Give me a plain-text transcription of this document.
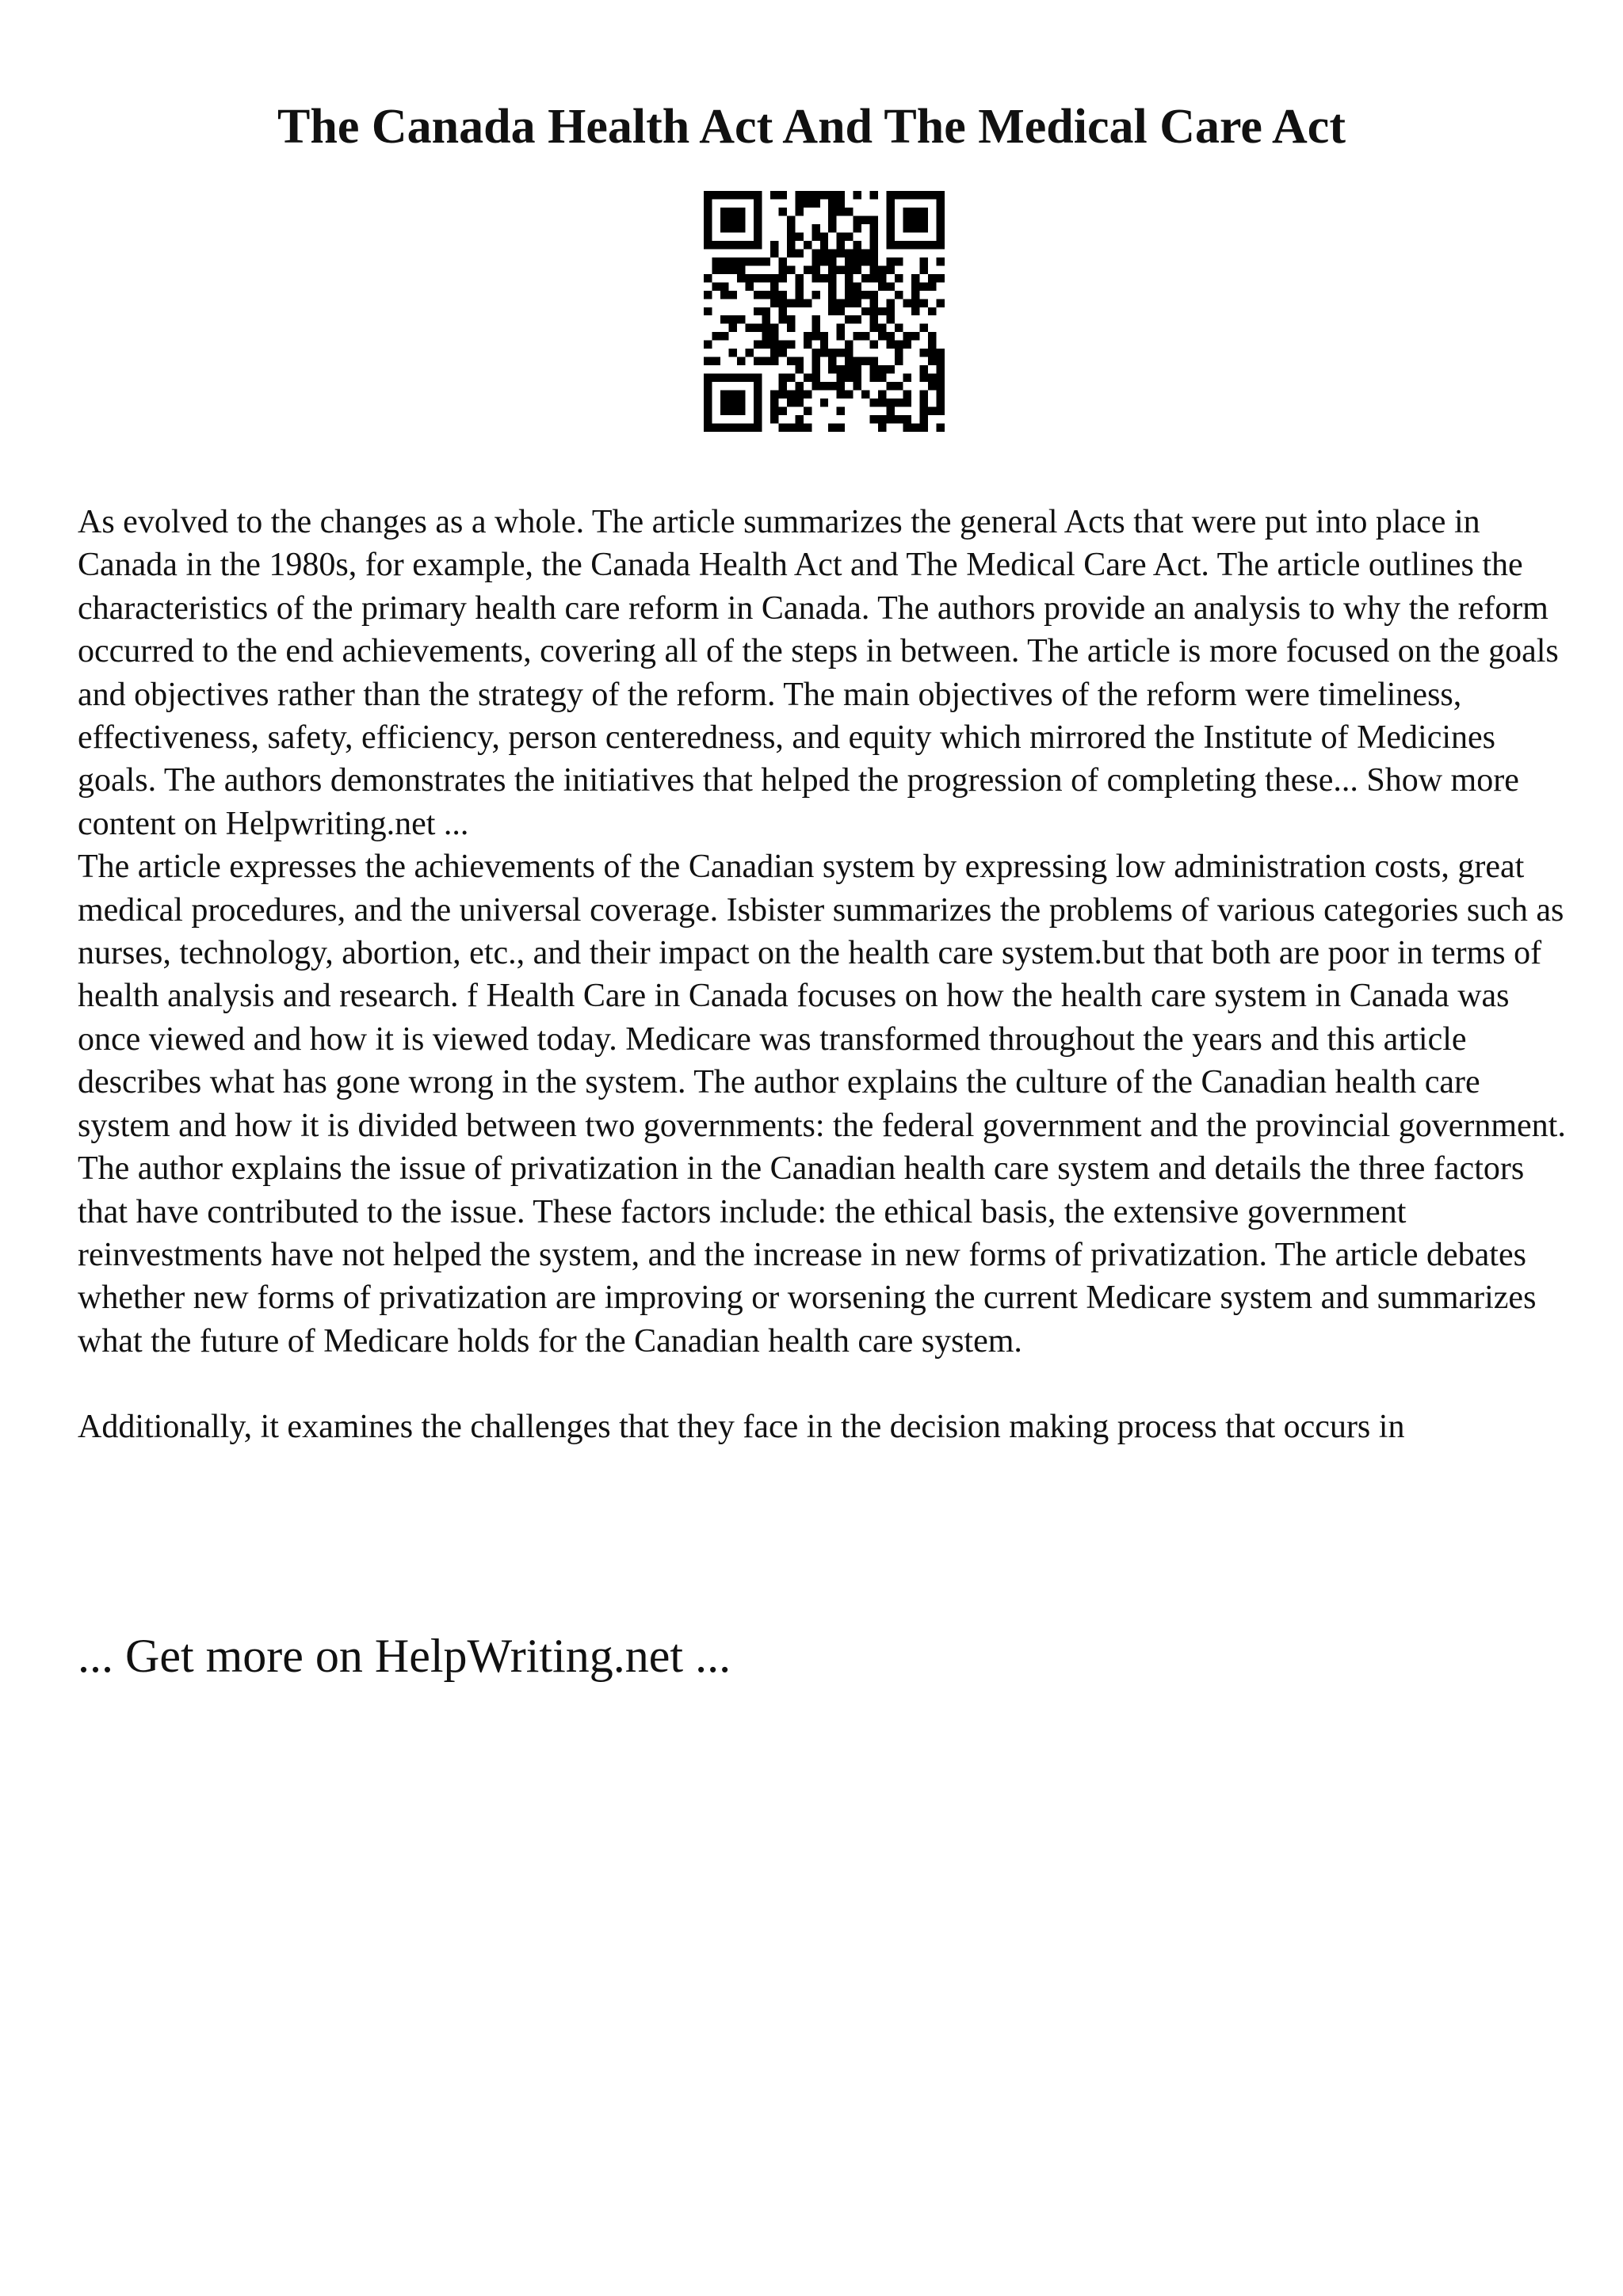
The Canada Health Act And The Medical Care Act

As evolved to the changes as a whole. The article summarizes the general Acts that were put into place in Canada in the 1980s, for example, the Canada Health Act and The Medical Care Act. The article outlines the characteristics of the primary health care reform in Canada. The authors provide an analysis to why the reform occurred to the end achievements, covering all of the steps in between. The article is more focused on the goals and objectives rather than the strategy of the reform. The main objectives of the reform were timeliness, effectiveness, safety, efficiency, person centeredness, and equity which mirrored the Institute of Medicines goals. The authors demonstrates the initiatives that helped the progression of completing these... Show more content on Helpwriting.net ...

The article expresses the achievements of the Canadian system by expressing low administration costs, great medical procedures, and the universal coverage. Isbister summarizes the problems of various categories such as nurses, technology, abortion, etc., and their impact on the health care system.but that both are poor in terms of health analysis and research. f Health Care in Canada focuses on how the health care system in Canada was once viewed and how it is viewed today. Medicare was transformed throughout the years and this article describes what has gone wrong in the system. The author explains the culture of the Canadian health care system and how it is divided between two governments: the federal government and the provincial government. The author explains the issue of privatization in the Canadian health care system and details the three factors that have contributed to the issue. These factors include: the ethical basis, the extensive government reinvestments have not helped the system, and the increase in new forms of privatization. The article debates whether new forms of privatization are improving or worsening the current Medicare system and summarizes what the future of Medicare holds for the Canadian health care system.

Additionally, it examines the challenges that they face in the decision making process that occurs in

... Get more on HelpWriting.net ...
